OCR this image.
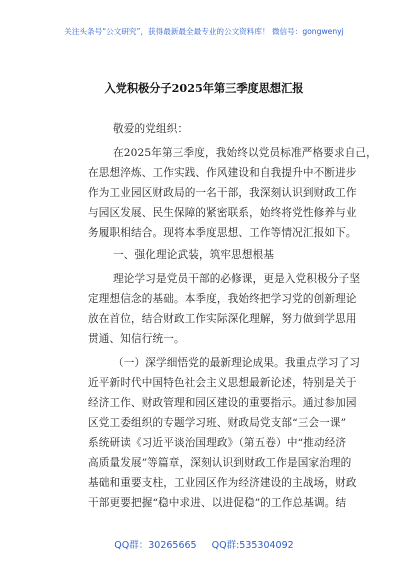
关注头条号“公文研究”，获得最新最全最专业的公文资料库！ 微信号：gongwenyj
入党积极分子2025年第三季度思想汇报
敬爱的党组织：
在2025年第三季度，我始终以党员标准严格要求自己，
在思想淬炼、工作实践、作风建设和自我提升中不断进步
作为工业园区财政局的一名干部，我深刻认识到财政工作
与园区发展、民生保障的紧密联系，始终将党性修养与业
务履职相结合。现将本季度思想、工作等情况汇报如下。
一、强化理论武装，筑牢思想根基
理论学习是党员干部的必修课，更是入党积极分子坚
定理想信念的基础。本季度，我始终把学习党的创新理论
放在首位，结合财政工作实际深化理解，努力做到学思用
贯通、知信行统一。
（一）深学细悟党的最新理论成果。我重点学习了习
近平新时代中国特色社会主义思想最新论述，特别是关于
经济工作、财政管理和园区建设的重要指示。通过参加园
区党工委组织的专题学习班、财政局党支部“三会一课”
系统研读《习近平谈治国理政》（第五卷）中“推动经济
高质量发展”等篇章，深刻认识到财政工作是国家治理的
基础和重要支柱，工业园区作为经济建设的主战场，财政
干部更要把握“稳中求进、以进促稳”的工作总基调。结
QQ群：30265665 QQ群:535304092
